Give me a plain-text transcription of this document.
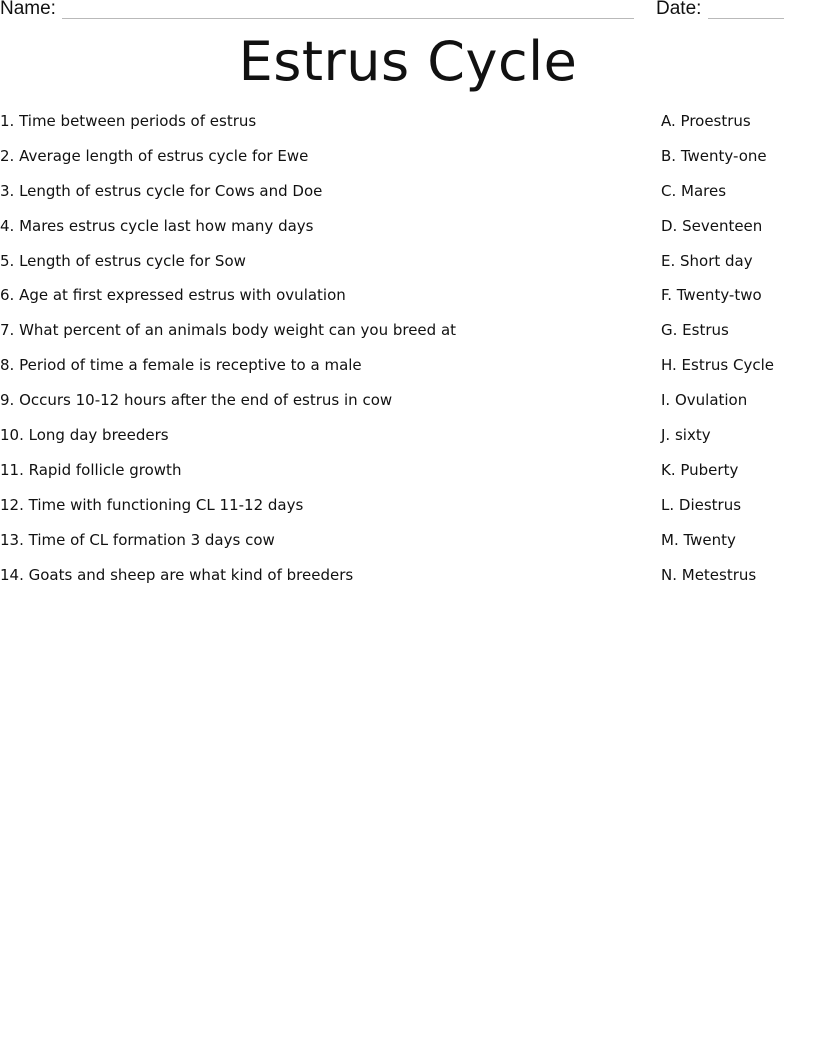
Name:	Date:
Estrus Cycle
1. Time between periods of estrus
2. Average length of estrus cycle for Ewe
3. Length of estrus cycle for Cows and Doe
4. Mares estrus cycle last how many days
5. Length of estrus cycle for Sow
6. Age at first expressed estrus with ovulation
7. What percent of an animals body weight can you breed at
8. Period of time a female is receptive to a male
9. Occurs 10-12 hours after the end of estrus in cow
10. Long day breeders
11. Rapid follicle growth
12. Time with functioning CL 11-12 days
13. Time of CL formation 3 days cow
14. Goats and sheep are what kind of breeders
A. Proestrus
B. Twenty-one
C. Mares
D. Seventeen
E. Short day
F. Twenty-two
G. Estrus
H. Estrus Cycle
I. Ovulation
J. sixty
K. Puberty
L. Diestrus
M. Twenty
N. Metestrus
